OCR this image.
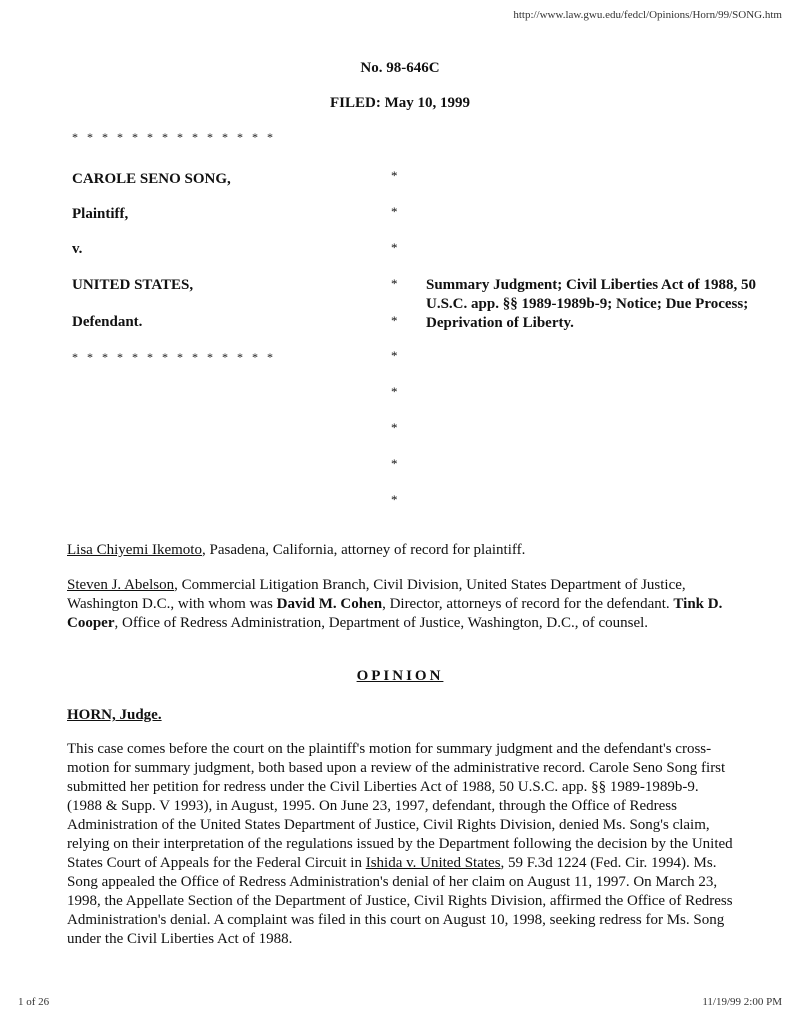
http://www.law.gwu.edu/fedcl/Opinions/Horn/99/SONG.htm
No. 98-646C
FILED: May 10, 1999
* * * * * * * * * * * * * *
CAROLE SENO SONG,
Plaintiff,
v.
UNITED STATES,
Defendant.
* * * * * * * * * * * * * *
*
*
*
*
*
*
*
*
*
*
Summary Judgment; Civil Liberties Act of 1988, 50 U.S.C. app. §§ 1989-1989b-9; Notice; Due Process; Deprivation of Liberty.
Lisa Chiyemi Ikemoto, Pasadena, California, attorney of record for plaintiff.
Steven J. Abelson, Commercial Litigation Branch, Civil Division, United States Department of Justice, Washington D.C., with whom was David M. Cohen, Director, attorneys of record for the defendant. Tink D. Cooper, Office of Redress Administration, Department of Justice, Washington, D.C., of counsel.
OPINION
HORN, Judge.
This case comes before the court on the plaintiff's motion for summary judgment and the defendant's cross-motion for summary judgment, both based upon a review of the administrative record. Carole Seno Song first submitted her petition for redress under the Civil Liberties Act of 1988, 50 U.S.C. app. §§ 1989-1989b-9. (1988 & Supp. V 1993), in August, 1995. On June 23, 1997, defendant, through the Office of Redress Administration of the United States Department of Justice, Civil Rights Division, denied Ms. Song's claim, relying on their interpretation of the regulations issued by the Department following the decision by the United States Court of Appeals for the Federal Circuit in Ishida v. United States, 59 F.3d 1224 (Fed. Cir. 1994). Ms. Song appealed the Office of Redress Administration's denial of her claim on August 11, 1997. On March 23, 1998, the Appellate Section of the Department of Justice, Civil Rights Division, affirmed the Office of Redress Administration's denial. A complaint was filed in this court on August 10, 1998, seeking redress for Ms. Song under the Civil Liberties Act of 1988.
1 of 26	11/19/99 2:00 PM
